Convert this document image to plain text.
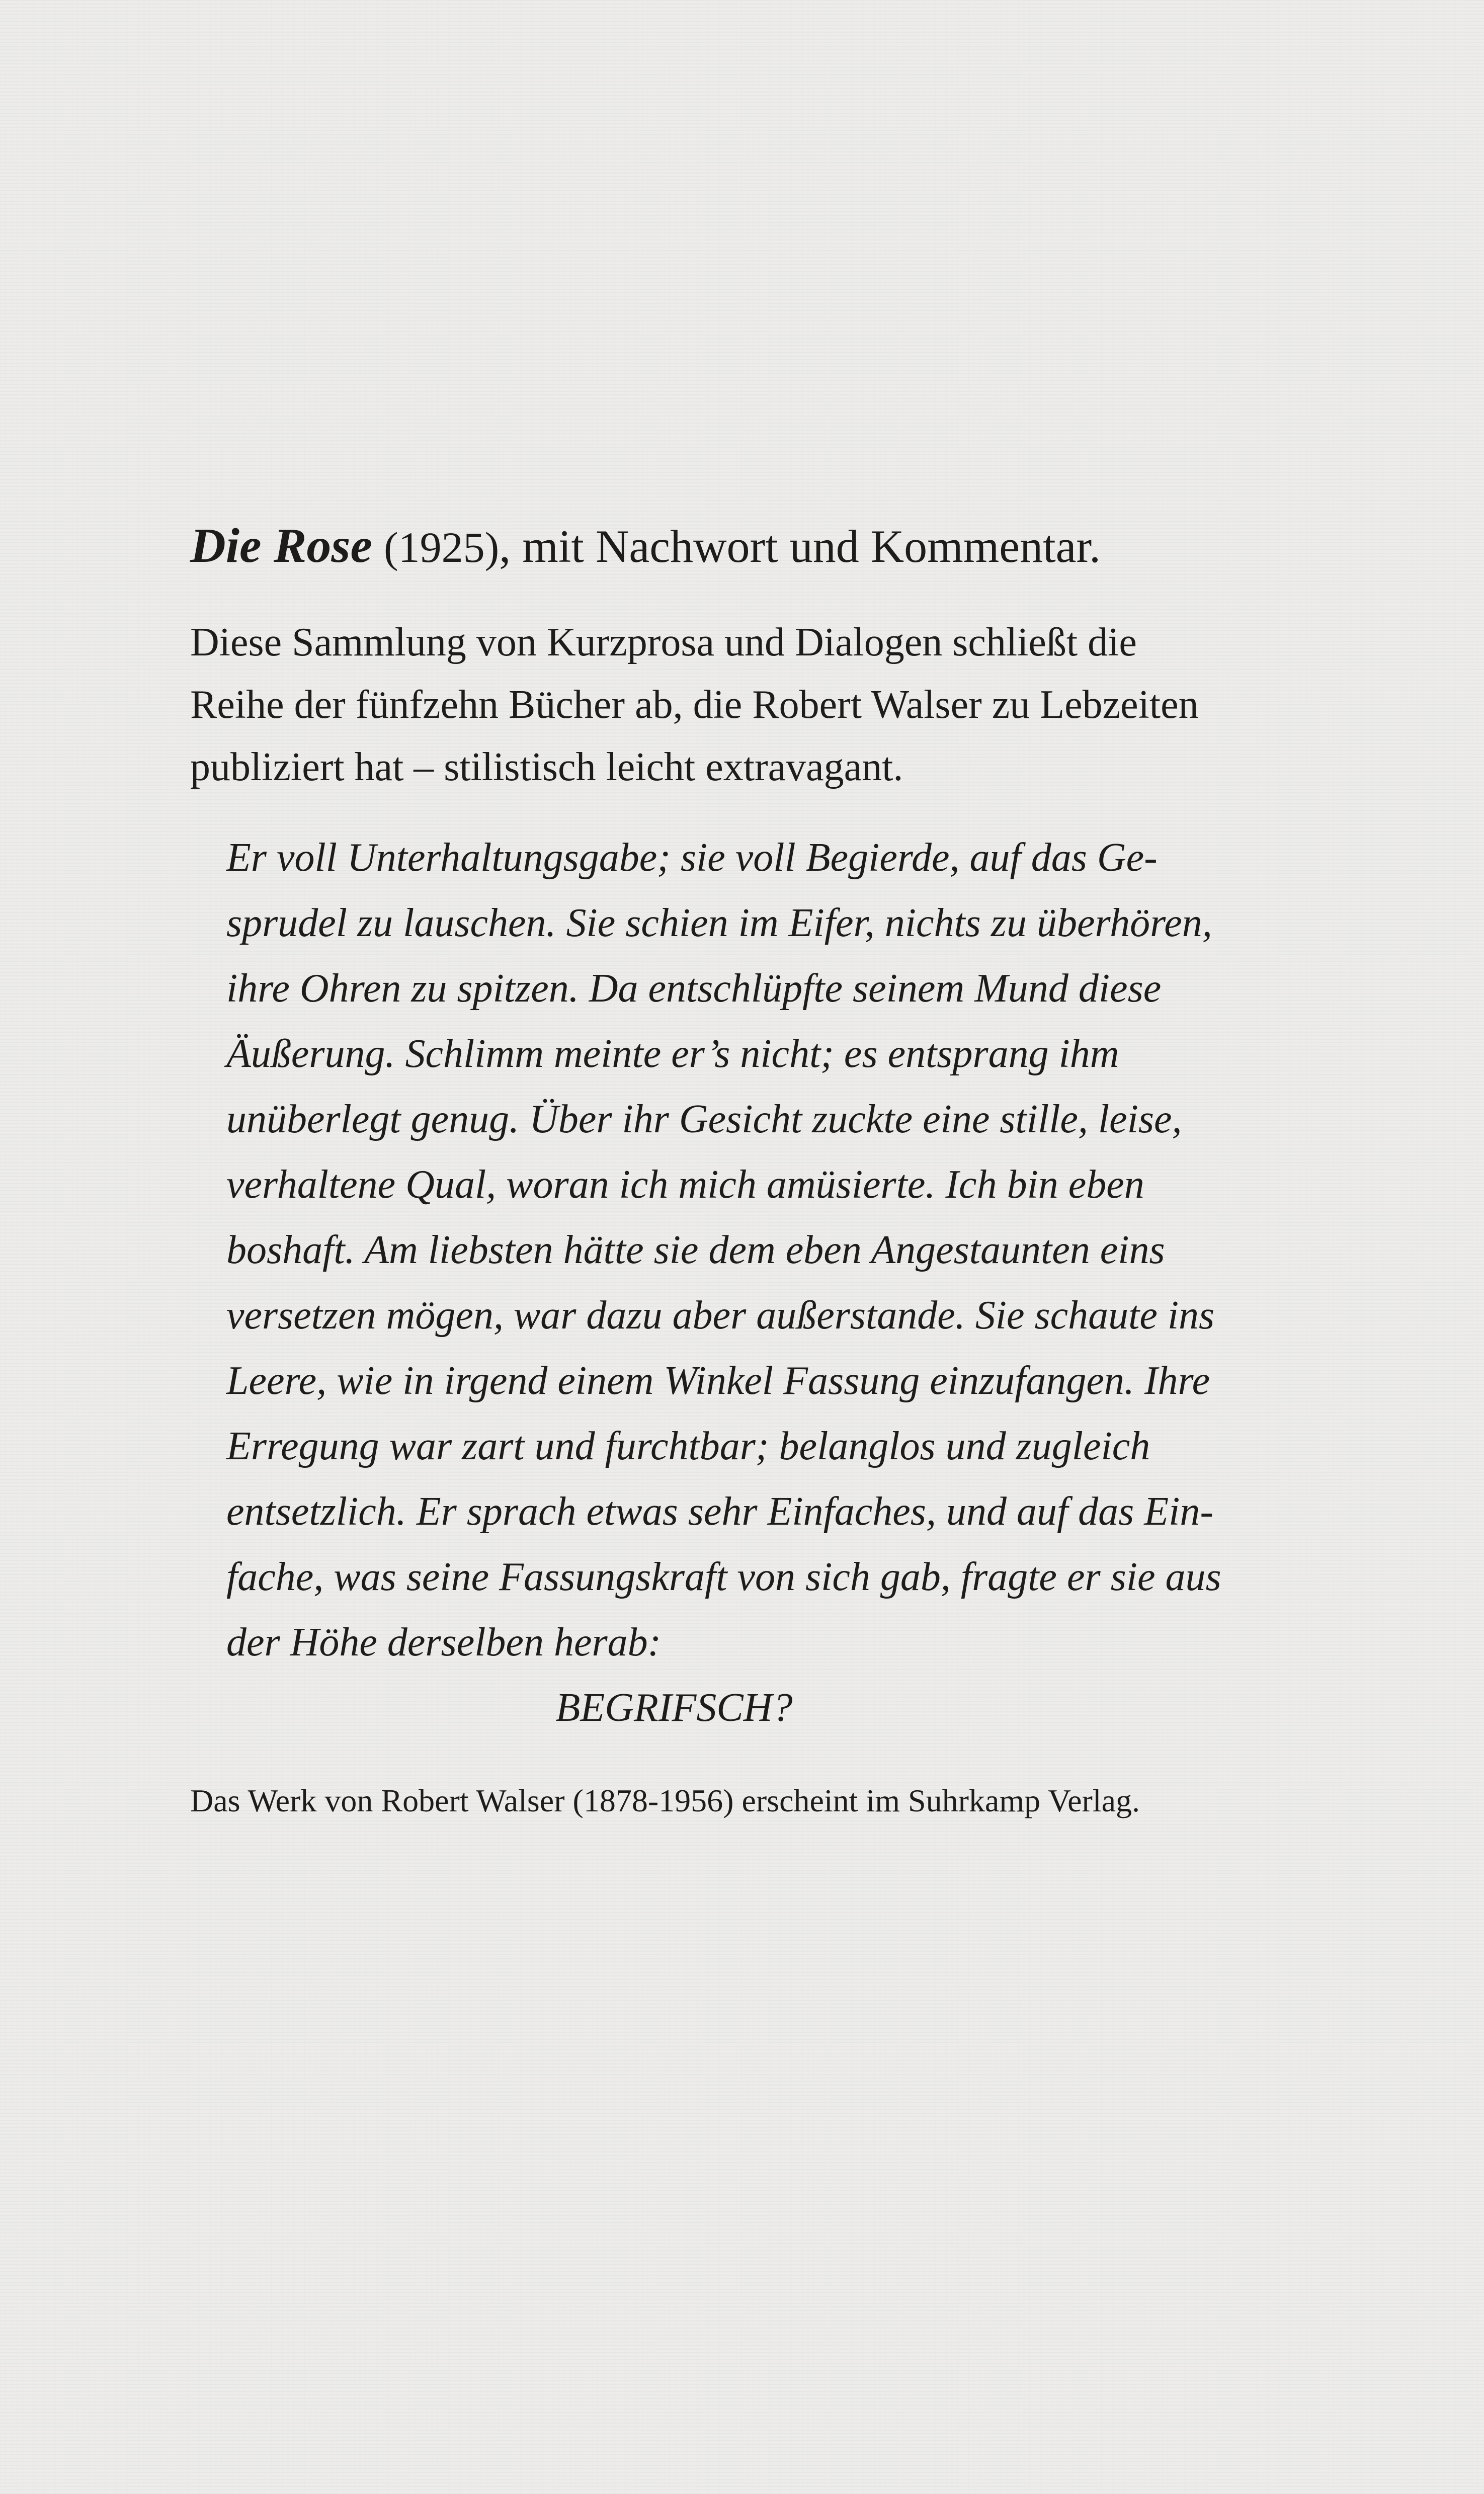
Die Rose (1925), mit Nachwort und Kommentar.
Diese Sammlung von Kurzprosa und Dialogen schließt die
Reihe der fünfzehn Bücher ab, die Robert Walser zu Lebzeiten
publiziert hat – stilistisch leicht extravagant.
Er voll Unterhaltungsgabe; sie voll Begierde, auf das Ge-
sprudel zu lauschen. Sie schien im Eifer, nichts zu überhören,
ihre Ohren zu spitzen. Da entschlüpfte seinem Mund diese
Äußerung. Schlimm meinte er’s nicht; es entsprang ihm
unüberlegt genug. Über ihr Gesicht zuckte eine stille, leise,
verhaltene Qual, woran ich mich amüsierte. Ich bin eben
boshaft. Am liebsten hätte sie dem eben Angestaunten eins
versetzen mögen, war dazu aber außerstande. Sie schaute ins
Leere, wie in irgend einem Winkel Fassung einzufangen. Ihre
Erregung war zart und furchtbar; belanglos und zugleich
entsetzlich. Er sprach etwas sehr Einfaches, und auf das Ein-
fache, was seine Fassungskraft von sich gab, fragte er sie aus
der Höhe derselben herab:
BEGRIFSCH?
Das Werk von Robert Walser (1878-1956) erscheint im Suhrkamp Verlag.
